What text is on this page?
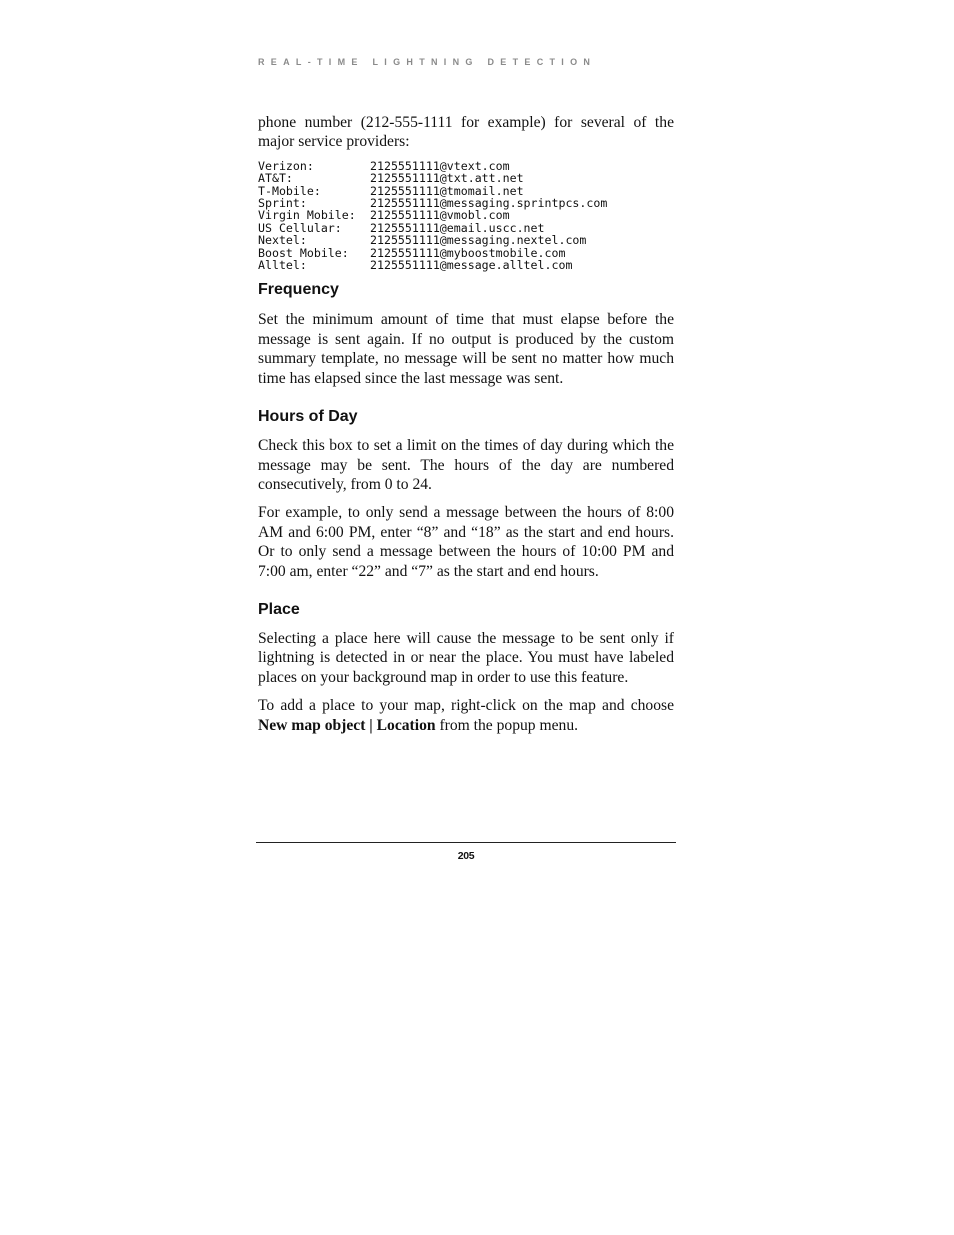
REAL-TIME LIGHTNING DETECTION

phone number (212-555-1111 for example) for several of the major service providers:

Verizon:	2125551111@vtext.com
AT&T:	2125551111@txt.att.net
T-Mobile:	2125551111@tmomail.net
Sprint:	2125551111@messaging.sprintpcs.com
Virgin Mobile:	2125551111@vmobl.com
US Cellular:	2125551111@email.uscc.net
Nextel:	2125551111@messaging.nextel.com
Boost Mobile:	2125551111@myboostmobile.com
Alltel:	2125551111@message.alltel.com
Frequency

Set the minimum amount of time that must elapse before the message is sent again. If no output is produced by the custom summary template, no message will be sent no matter how much time has elapsed since the last message was sent.

Hours of Day

Check this box to set a limit on the times of day during which the message may be sent. The hours of the day are numbered consecutively, from 0 to 24.

For example, to only send a message between the hours of 8:00 AM and 6:00 PM, enter “8” and “18” as the start and end hours. Or to only send a message between the hours of 10:00 PM and 7:00 am, enter “22” and “7” as the start and end hours.

Place

Selecting a place here will cause the message to be sent only if lightning is detected in or near the place. You must have labeled places on your background map in order to use this feature.

To add a place to your map, right-click on the map and choose New map object | Location from the popup menu.

205
